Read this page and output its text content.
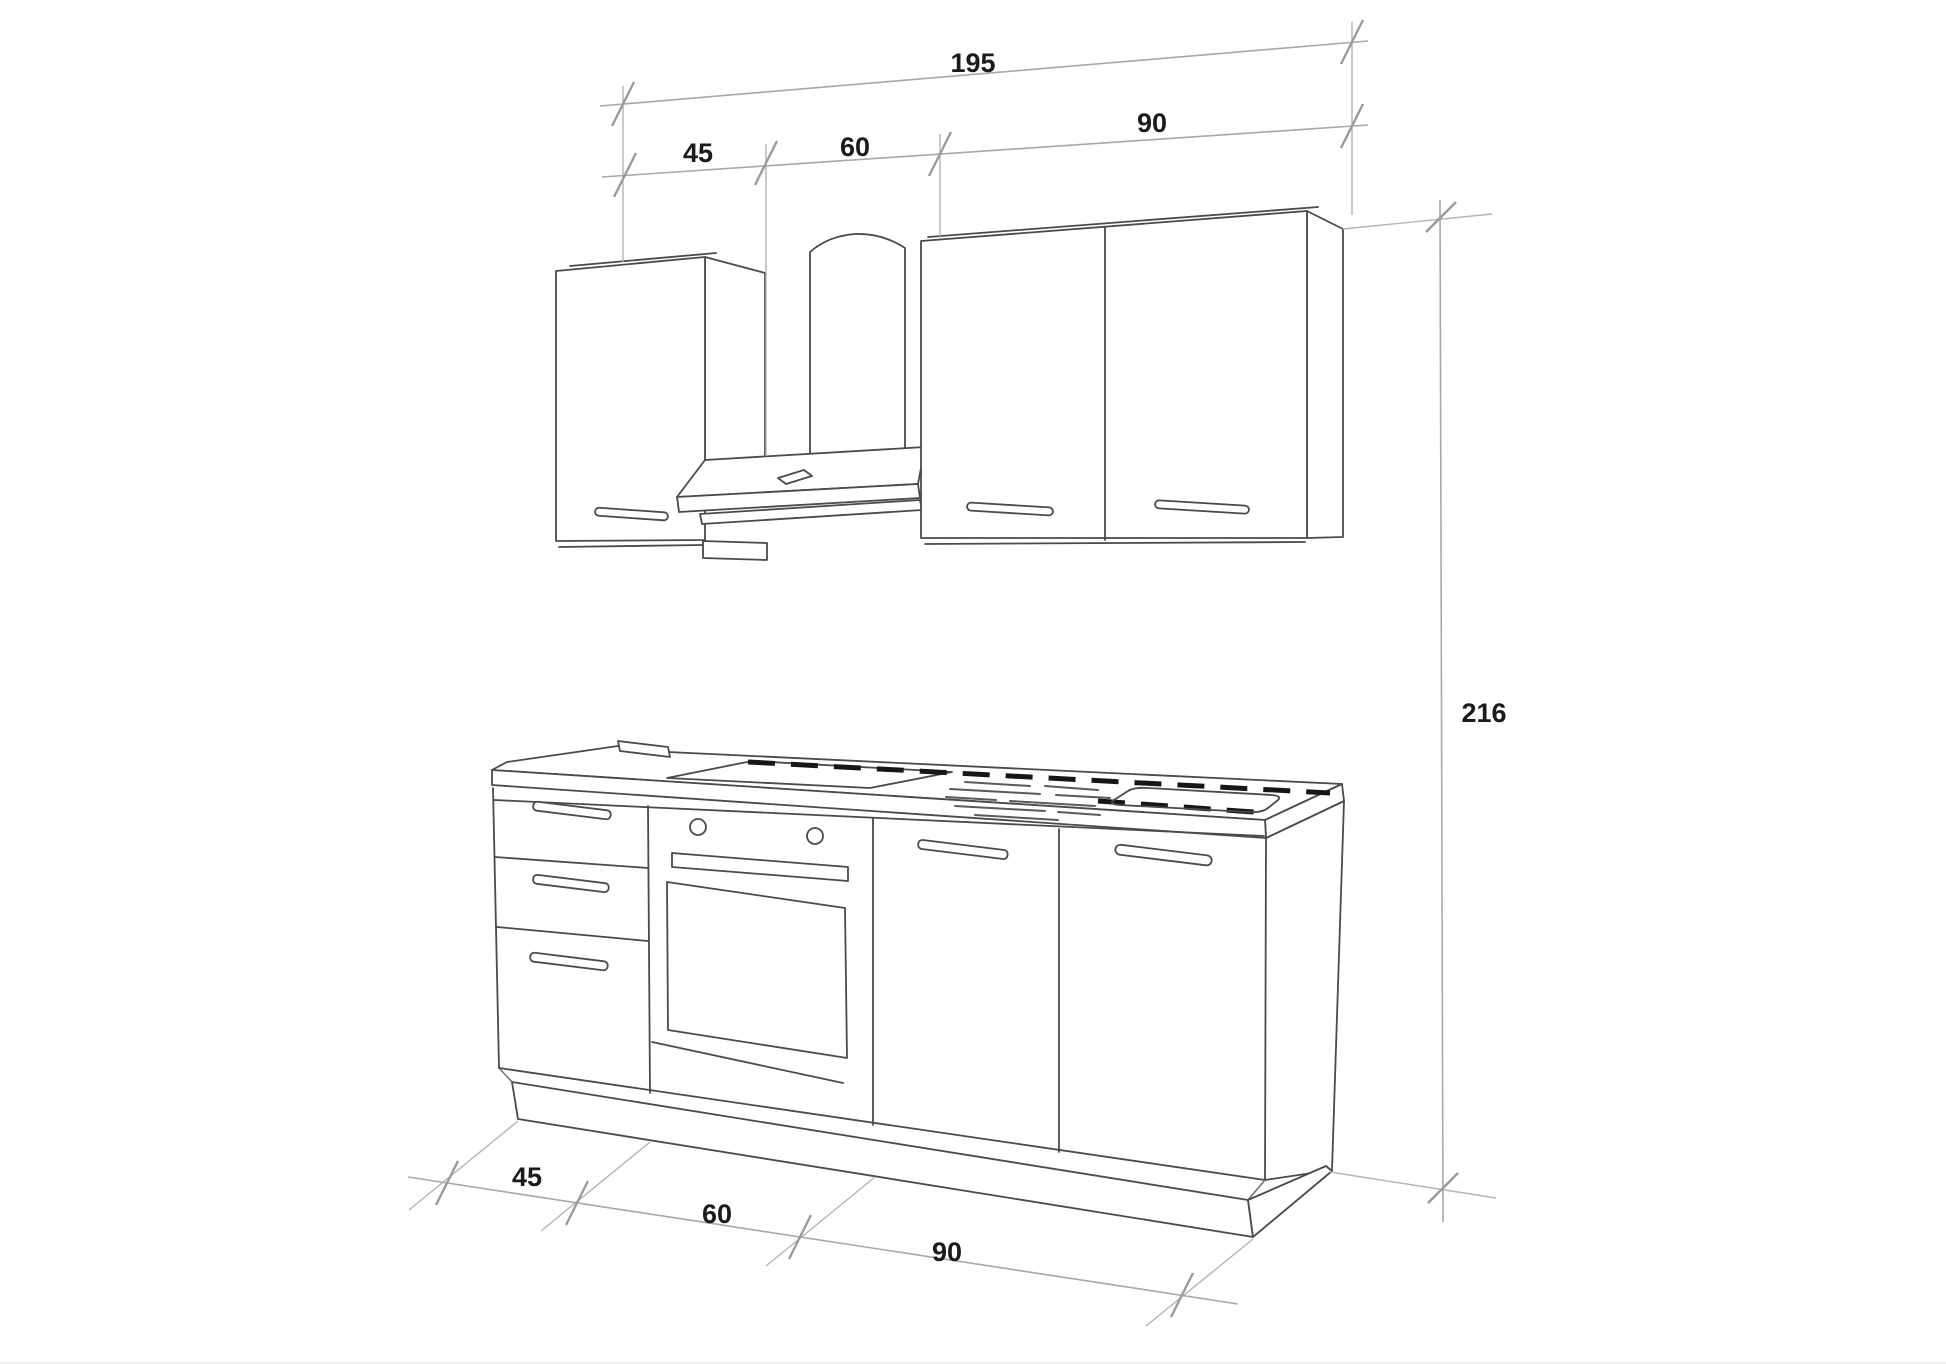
195
45	60
90
216
45
60
90
